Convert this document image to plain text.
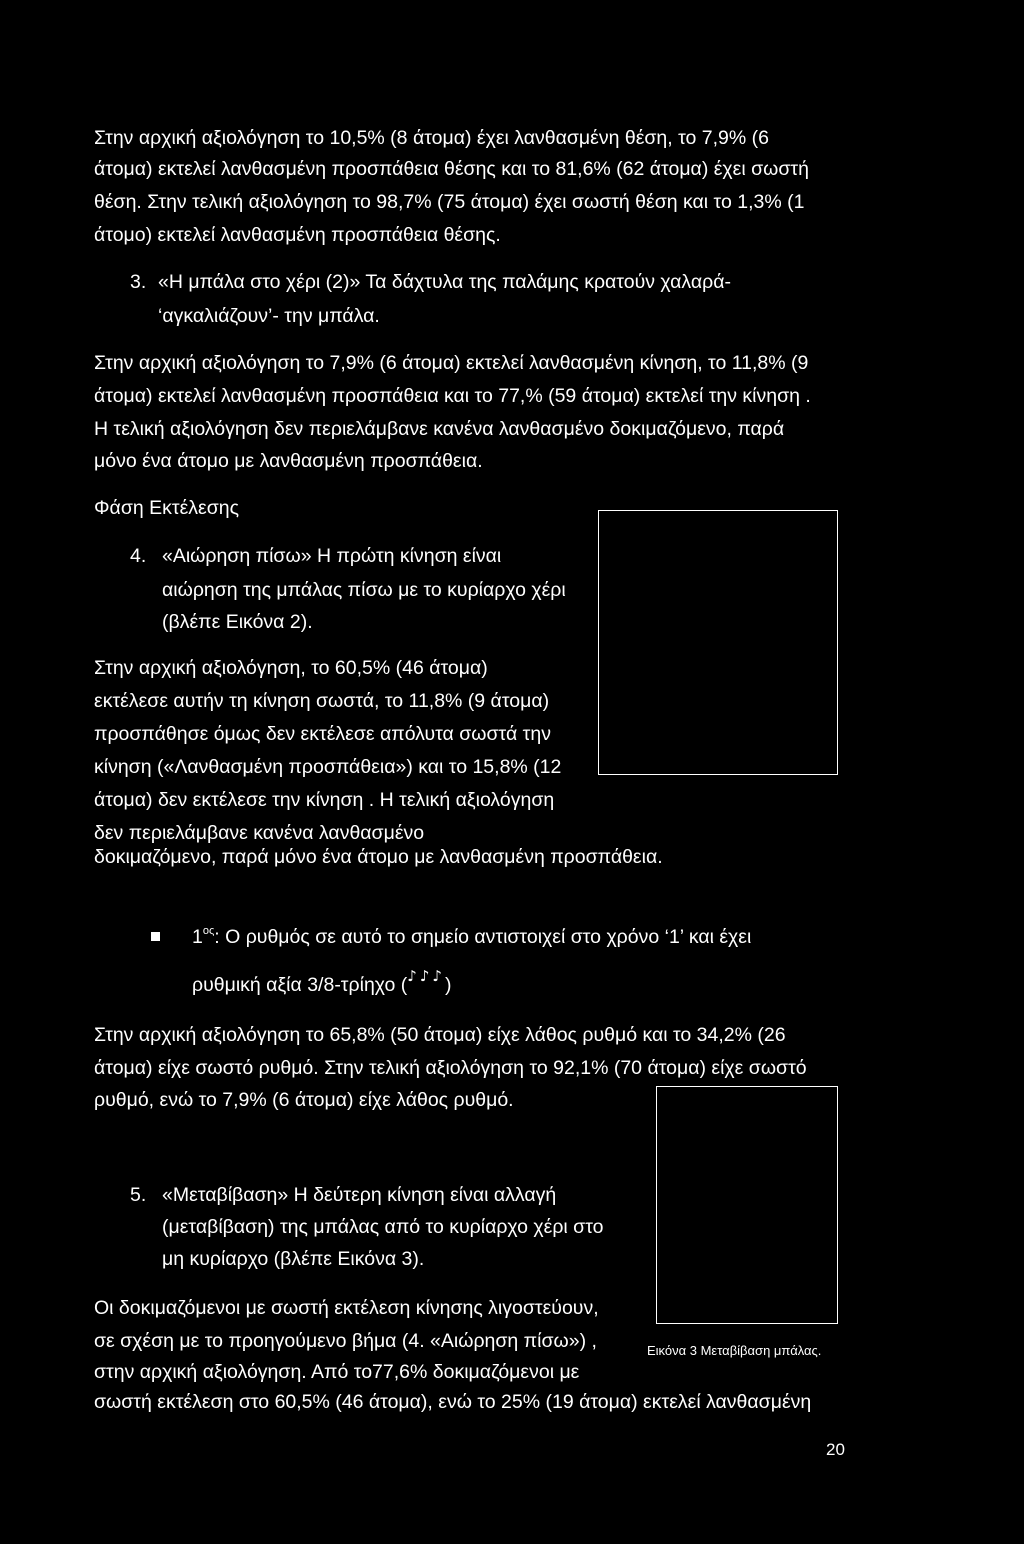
Στην αρχική αξιολόγηση το 10,5% (8 άτομα) έχει λανθασμένη θέση, το 7,9% (6
άτομα) εκτελεί λανθασμένη προσπάθεια θέσης και το 81,6% (62 άτομα) έχει σωστή
θέση. Στην τελική αξιολόγηση το 98,7% (75 άτομα) έχει σωστή θέση και το 1,3% (1
άτομο) εκτελεί λανθασμένη προσπάθεια θέσης.
3. «Η μπάλα στο χέρι (2)» Τα δάχτυλα της παλάμης κρατούν χαλαρά-
‘αγκαλιάζουν’- την μπάλα.
Στην αρχική αξιολόγηση το 7,9% (6 άτομα) εκτελεί λανθασμένη κίνηση, το 11,8% (9
άτομα) εκτελεί λανθασμένη προσπάθεια και το 77,% (59 άτομα) εκτελεί την κίνηση .
Η τελική αξιολόγηση δεν περιελάμβανε κανένα λανθασμένο δοκιμαζόμενο, παρά
μόνο ένα άτομο με λανθασμένη προσπάθεια.
Φάση Εκτέλεσης
4. «Αιώρηση πίσω» Η πρώτη κίνηση είναι
αιώρηση της μπάλας πίσω με το κυρίαρχο χέρι
(βλέπε Εικόνα 2).
Στην αρχική αξιολόγηση, το 60,5% (46 άτομα)
εκτέλεσε αυτήν τη κίνηση σωστά, το 11,8% (9 άτομα)
προσπάθησε όμως δεν εκτέλεσε απόλυτα σωστά την
κίνηση («Λανθασμένη προσπάθεια») και το 15,8% (12
άτομα) δεν εκτέλεσε την κίνηση . Η τελική αξιολόγηση
δεν περιελάμβανε κανένα λανθασμένο
δοκιμαζόμενο, παρά μόνο ένα άτομο με λανθασμένη προσπάθεια.
$1^{o\varsigma}$: Ο ρυθμός σε αυτό το σημείο αντιστοιχεί στο χρόνο ‘1’ και έχει
ρυθμική αξία 3/8-τρίηχο (♪♪♪)
Στην αρχική αξιολόγηση το 65,8% (50 άτομα) είχε λάθος ρυθμό και το 34,2% (26
άτομα) είχε σωστό ρυθμό. Στην τελική αξιολόγηση το 92,1% (70 άτομα) είχε σωστό
ρυθμό, ενώ το 7,9% (6 άτομα) είχε λάθος ρυθμό.
5. «Μεταβίβαση» Η δεύτερη κίνηση είναι αλλαγή
(μεταβίβαση) της μπάλας από το κυρίαρχο χέρι στο
μη κυρίαρχο (βλέπε Εικόνα 3).
Οι δοκιμαζόμενοι με σωστή εκτέλεση κίνησης λιγοστεύουν,
σε σχέση με το προηγούμενο βήμα (4. «Αιώρηση πίσω») ,
στην αρχική αξιολόγηση. Από το77,6% δοκιμαζόμενοι με
σωστή εκτέλεση στο 60,5% (46 άτομα), ενώ το 25% (19 άτομα) εκτελεί λανθασμένη
Εικόνα 3 Μεταβίβαση μπάλας.
20
